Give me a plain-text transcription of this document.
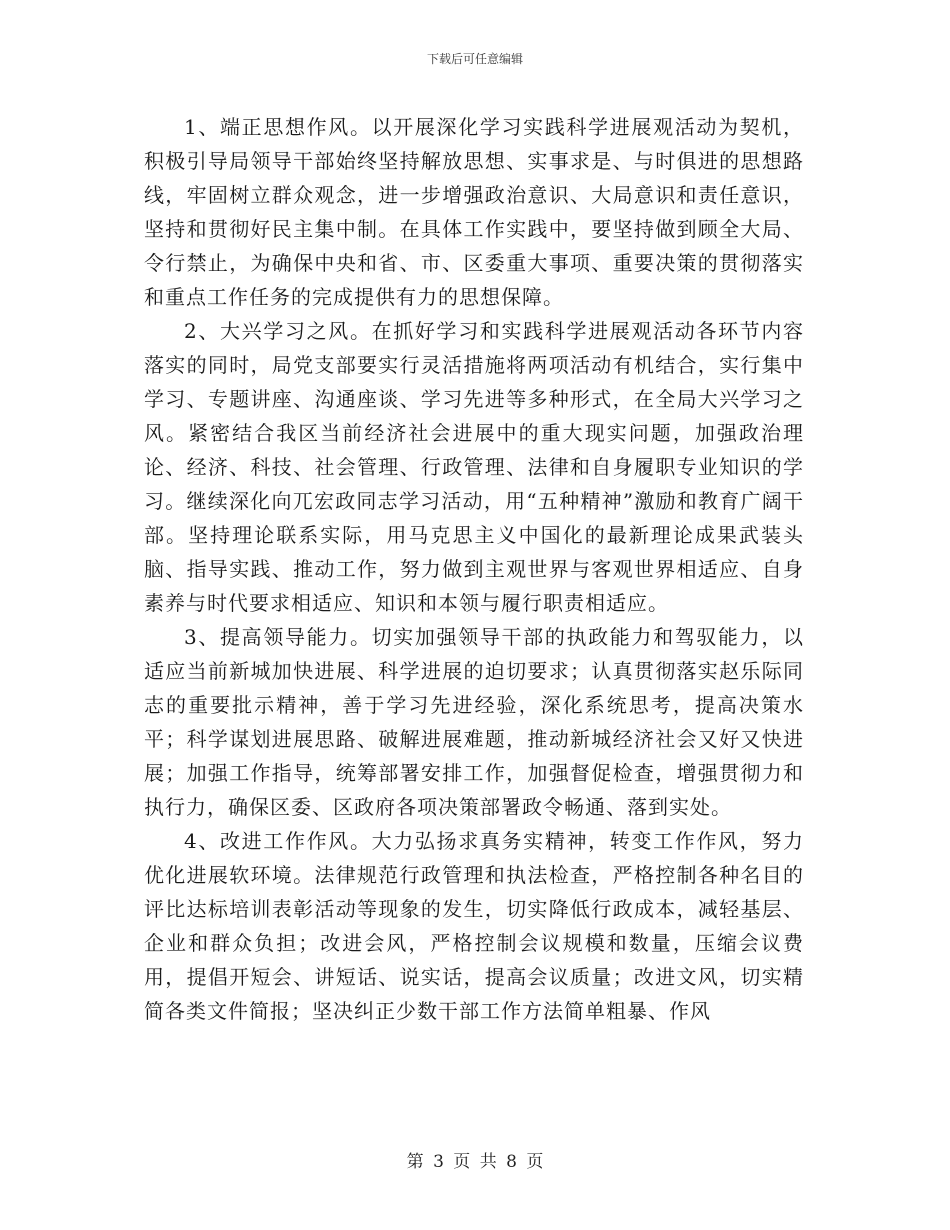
下载后可任意编辑

1、端正思想作风。以开展深化学习实践科学进展观活动为契机，积极引导局领导干部始终坚持解放思想、实事求是、与时俱进的思想路线，牢固树立群众观念，进一步增强政治意识、大局意识和责任意识，坚持和贯彻好民主集中制。在具体工作实践中，要坚持做到顾全大局、令行禁止，为确保中央和省、市、区委重大事项、重要决策的贯彻落实和重点工作任务的完成提供有力的思想保障。

2、大兴学习之风。在抓好学习和实践科学进展观活动各环节内容落实的同时，局党支部要实行灵活措施将两项活动有机结合，实行集中学习、专题讲座、沟通座谈、学习先进等多种形式，在全局大兴学习之风。紧密结合我区当前经济社会进展中的重大现实问题，加强政治理论、经济、科技、社会管理、行政管理、法律和自身履职专业知识的学习。继续深化向兀宏政同志学习活动，用“五种精神”激励和教育广阔干部。坚持理论联系实际，用马克思主义中国化的最新理论成果武装头脑、指导实践、推动工作，努力做到主观世界与客观世界相适应、自身素养与时代要求相适应、知识和本领与履行职责相适应。

3、提高领导能力。切实加强领导干部的执政能力和驾驭能力，以适应当前新城加快进展、科学进展的迫切要求；认真贯彻落实赵乐际同志的重要批示精神，善于学习先进经验，深化系统思考，提高决策水平；科学谋划进展思路、破解进展难题，推动新城经济社会又好又快进展；加强工作指导，统筹部署安排工作，加强督促检查，增强贯彻力和执行力，确保区委、区政府各项决策部署政令畅通、落到实处。

4、改进工作作风。大力弘扬求真务实精神，转变工作作风，努力优化进展软环境。法律规范行政管理和执法检查，严格控制各种名目的评比达标培训表彰活动等现象的发生，切实降低行政成本，减轻基层、企业和群众负担；改进会风，严格控制会议规模和数量，压缩会议费用，提倡开短会、讲短话、说实话，提高会议质量；改进文风，切实精简各类文件简报；坚决纠正少数干部工作方法简单粗暴、作风

第 3 页 共 8 页
